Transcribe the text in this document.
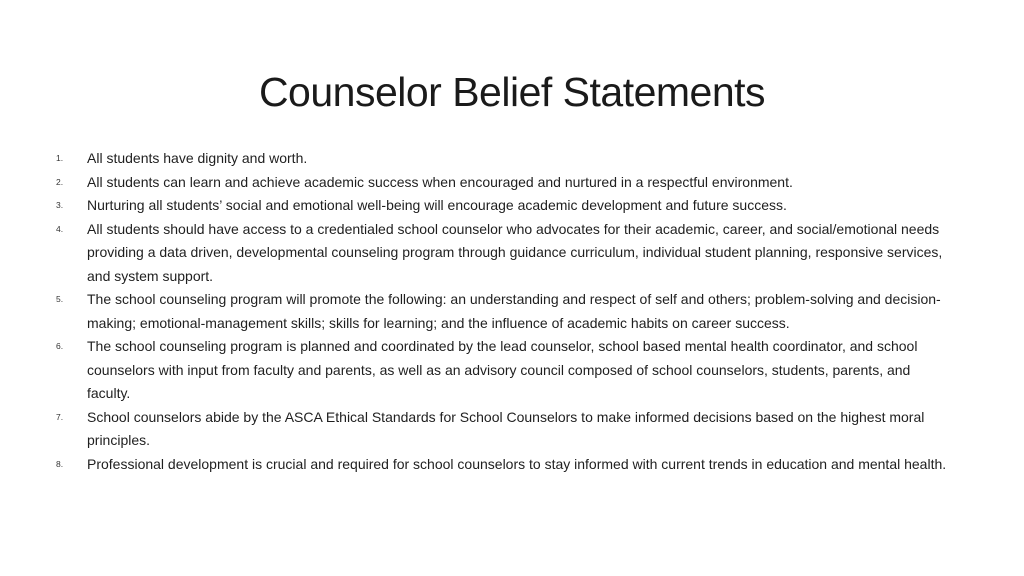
Counselor Belief Statements
1. All students have dignity and worth.
2. All students can learn and achieve academic success when encouraged and nurtured in a respectful environment.
3. Nurturing all students’ social and emotional well-being will encourage academic development and future success.
4. All students should have access to a credentialed school counselor who advocates for their academic, career, and social/emotional needs providing a data driven, developmental counseling program through guidance curriculum, individual student planning, responsive services, and system support.
5. The school counseling program will promote the following: an understanding and respect of self and others; problem-solving and decision-making; emotional-management skills; skills for learning; and the influence of academic habits on career success.
6. The school counseling program is planned and coordinated by the lead counselor, school based mental health coordinator, and school counselors with input from faculty and parents, as well as an advisory council composed of school counselors, students, parents, and faculty.
7. School counselors abide by the ASCA Ethical Standards for School Counselors to make informed decisions based on the highest moral principles.
8. Professional development is crucial and required for school counselors to stay informed with current trends in education and mental health.
